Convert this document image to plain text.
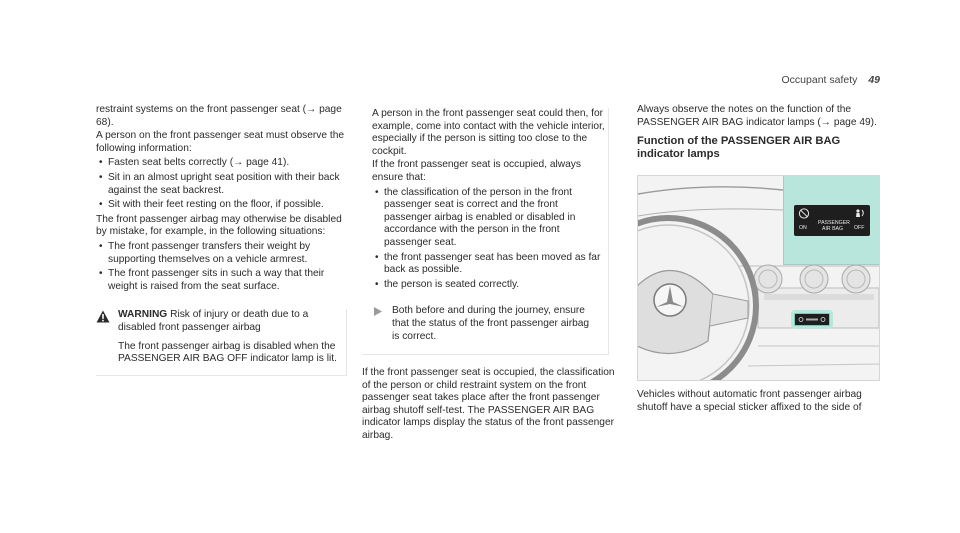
Occupant safety 49

restraint systems on the front passenger seat (→ page 68).

A person on the front passenger seat must observe the following information:

• Fasten seat belts correctly (→ page 41).
• Sit in an almost upright seat position with their back against the seat backrest.
• Sit with their feet resting on the floor, if possible.

The front passenger airbag may otherwise be disabled by mistake, for example, in the following situations:

• The front passenger transfers their weight by supporting themselves on a vehicle armrest.
• The front passenger sits in such a way that their weight is raised from the seat surface.
WARNING Risk of injury or death due to a disabled front passenger airbag

The front passenger airbag is disabled when the PASSENGER AIR BAG OFF indicator lamp is lit.

A person in the front passenger seat could then, for example, come into contact with the vehicle interior, especially if the person is sitting too close to the cockpit.

If the front passenger seat is occupied, always ensure that:

• the classification of the person in the front passenger seat is correct and the front passenger airbag is enabled or disabled in accordance with the person in the front passenger seat.
• the front passenger seat has been moved as far back as possible.
• the person is seated correctly.

Both before and during the journey, ensure that the status of the front passenger airbag is correct.

If the front passenger seat is occupied, the classification of the person or child restraint system on the front passenger seat takes place after the front passenger airbag shutoff self-test. The PASSENGER AIR BAG indicator lamps display the status of the front passenger airbag.

Always observe the notes on the function of the PASSENGER AIR BAG indicator lamps (→ page 49).

Function of the PASSENGER AIR BAG indicator lamps
ON
PASSENGER
AIR BAG OFF

Vehicles without automatic front passenger airbag shutoff have a special sticker affixed to the side of
